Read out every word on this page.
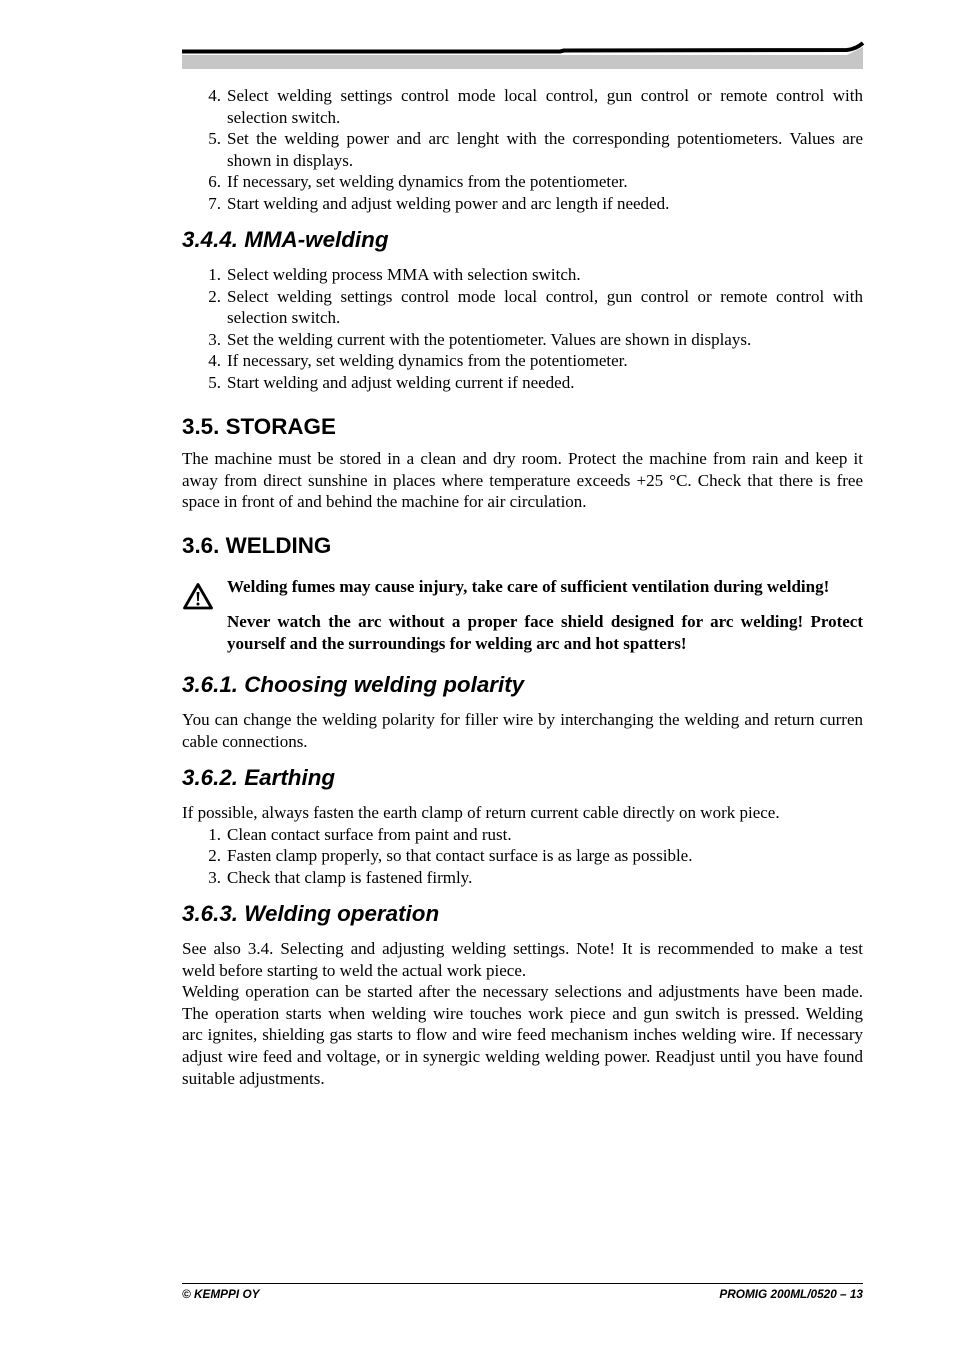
4. Select welding settings control mode local control, gun control or remote control with
selection switch.
5. Set the welding power and arc lenght with the corresponding potentiometers. Values are
shown in displays.
6. If necessary, set welding dynamics from the potentiometer.
7. Start welding and adjust welding power and arc length if needed.
3.4.4. MMA-welding
1. Select welding process MMA with selection switch.
2. Select welding settings control mode local control, gun control or remote control with
selection switch.
3. Set the welding current with the potentiometer. Values are shown in displays.
4. If necessary, set welding dynamics from the potentiometer.
5. Start welding and adjust welding current if needed.
3.5. STORAGE
The machine must be stored in a clean and dry room. Protect the machine from rain and keep it
away from direct sunshine in places where temperature exceeds +25 °C. Check that there is free
space in front of and behind the machine for air circulation.
3.6. WELDING
Welding fumes may cause injury, take care of sufficient ventilation during welding!
Never watch the arc without a proper face shield designed for arc welding! Protect
yourself and the surroundings for welding arc and hot spatters!
3.6.1. Choosing welding polarity
You can change the welding polarity for filler wire by interchanging the welding and return curren
cable connections.
3.6.2. Earthing
If possible, always fasten the earth clamp of return current cable directly on work piece.
1. Clean contact surface from paint and rust.
2. Fasten clamp properly, so that contact surface is as large as possible.
3. Check that clamp is fastened firmly.
3.6.3. Welding operation
See also 3.4. Selecting and adjusting welding settings. Note! It is recommended to make a test
weld before starting to weld the actual work piece.
Welding operation can be started after the necessary selections and adjustments have been made.
The operation starts when welding wire touches work piece and gun switch is pressed. Welding
arc ignites, shielding gas starts to flow and wire feed mechanism inches welding wire. If necessary
adjust wire feed and voltage, or in synergic welding welding power. Readjust until you have found
suitable adjustments.
© KEMPPI OY	PROMIG 200ML/0520 – 13
